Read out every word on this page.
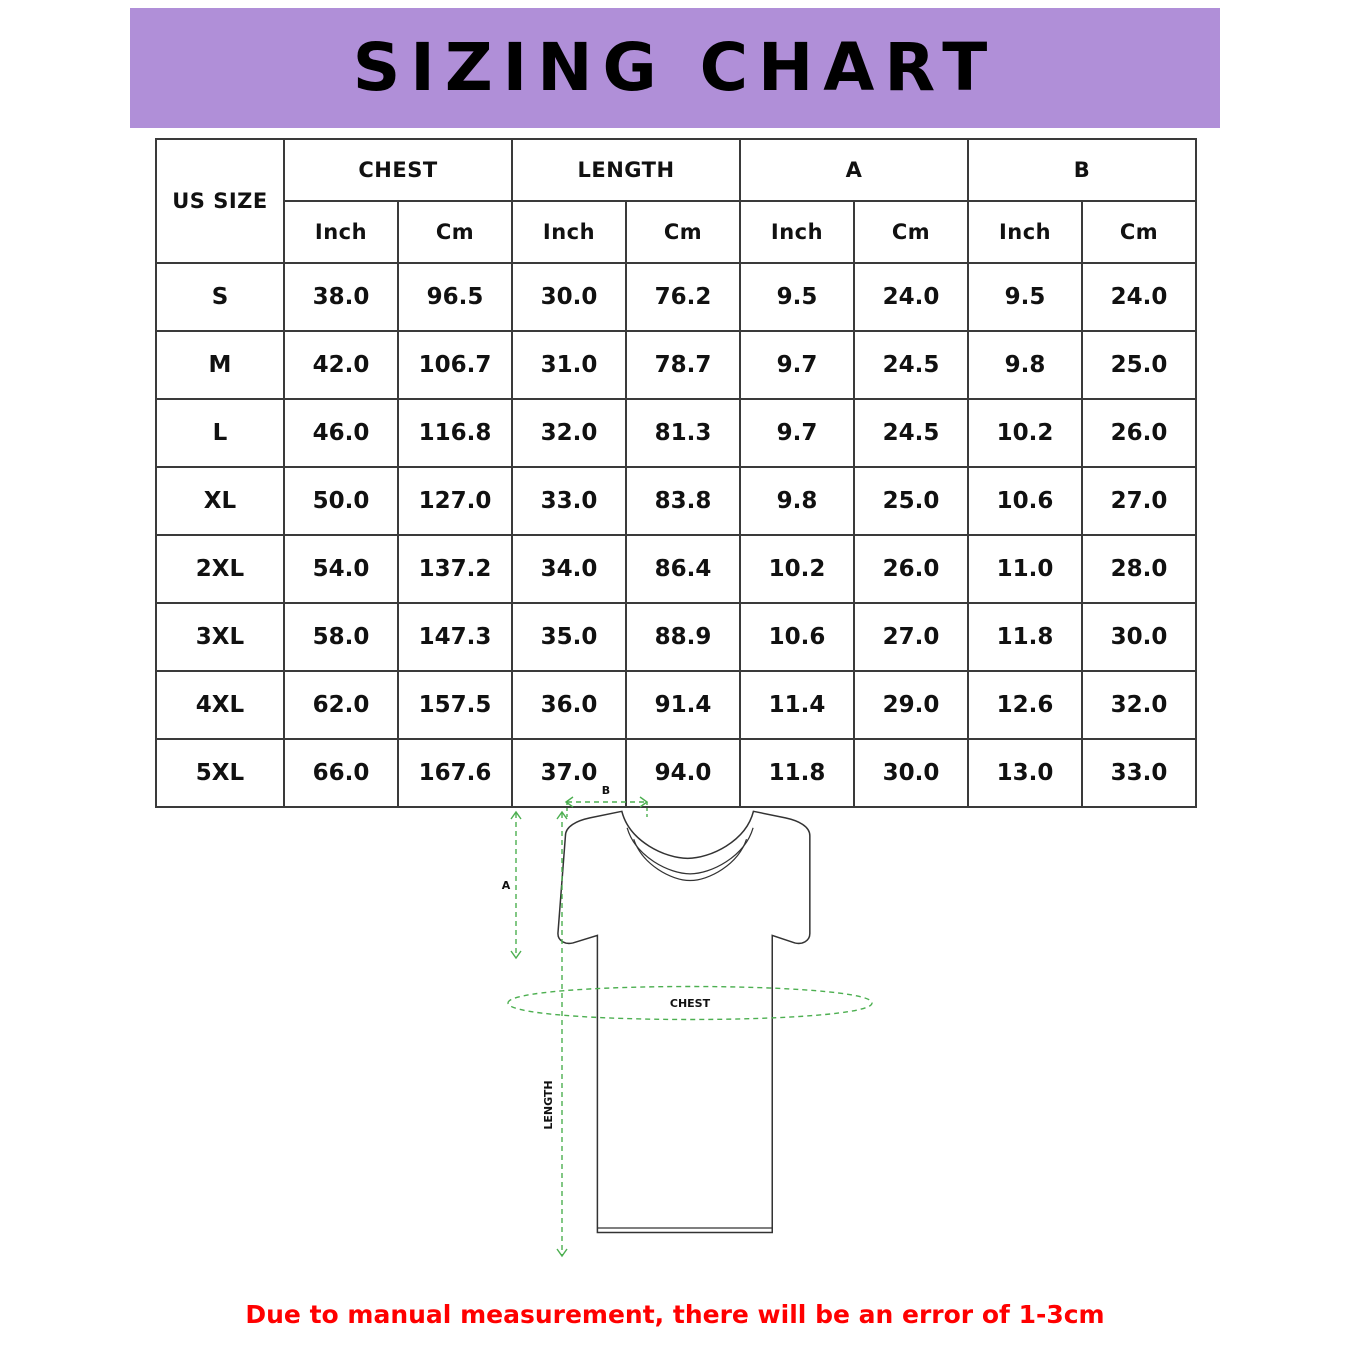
SIZING CHART
US SIZE	CHEST		LENGTH		A		B	
	Inch	Cm	Inch	Cm	Inch	Cm	Inch	Cm
S	38.0	96.5	30.0	76.2	9.5	24.0	9.5	24.0
M	42.0	106.7	31.0	78.7	9.7	24.5	9.8	25.0
L	46.0	116.8	32.0	81.3	9.7	24.5	10.2	26.0
XL	50.0	127.0	33.0	83.8	9.8	25.0	10.6	27.0
2XL	54.0	137.2	34.0	86.4	10.2	26.0	11.0	28.0
3XL	58.0	147.3	35.0	88.9	10.6	27.0	11.8	30.0
4XL	62.0	157.5	36.0	91.4	11.4	29.0	12.6	32.0
5XL	66.0	167.6	37.0	94.0	11.8	30.0	13.0	33.0
B
A
CHEST
LENGTH
Due to manual measurement, there will be an error of 1-3cm
